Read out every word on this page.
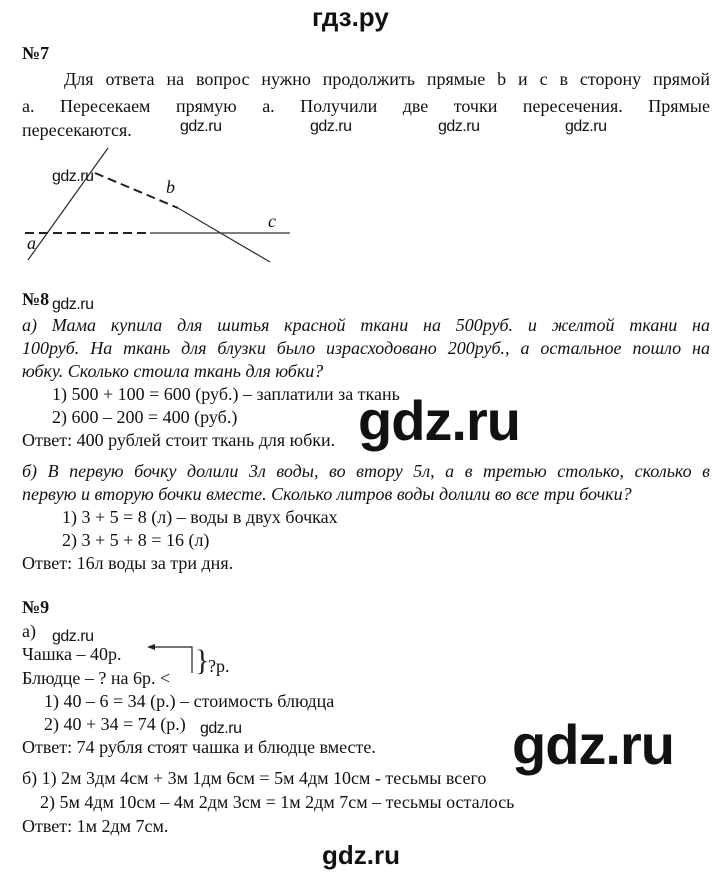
гдз.ру
№7
Для ответа на вопрос нужно продолжить прямые b и c в сторону прямой
a. Пересекаем прямую a. Получили две точки пересечения. Прямые
пересекаются.	gdz.ru	gdz.ru	gdz.ru	gdz.ru
a
b
c
gdz.ru
№8 gdz.ru
а) Мама купила для шитья красной ткани на 500руб. и желтой ткани на
100руб. На ткань для блузки было израсходовано 200руб., а остальное пошло на
юбку. Сколько стоила ткань для юбки?
1) 500 + 100 = 600 (руб.) – заплатили за ткань
2) 600 – 200 = 400 (руб.)
Ответ: 400 рублей стоит ткань для юбки. gdz.ru
б) В первую бочку долили 3л воды, во втору 5л, а в третью столько, сколько в
первую и вторую бочки вместе. Сколько литров воды долили во все три бочки?
1) 3 + 5 = 8 (л) – воды в двух бочках
2) 3 + 5 + 8 = 16 (л)
Ответ: 16л воды за три дня.
№9
а) gdz.ru
Чашка – 40р.
Блюдце – ? на 6р. <
}
?р.
1) 40 – 6 = 34 (р.) – стоимость блюдца
2) 40 + 34 = 74 (р.) gdz.ru
Ответ: 74 рубля стоят чашка и блюдце вместе. gdz.ru
б) 1) 2м 3дм 4см + 3м 1дм 6см = 5м 4дм 10см - тесьмы всего
2) 5м 4дм 10см – 4м 2дм 3см = 1м 2дм 7см – тесьмы осталось
Ответ: 1м 2дм 7см.
gdz.ru
